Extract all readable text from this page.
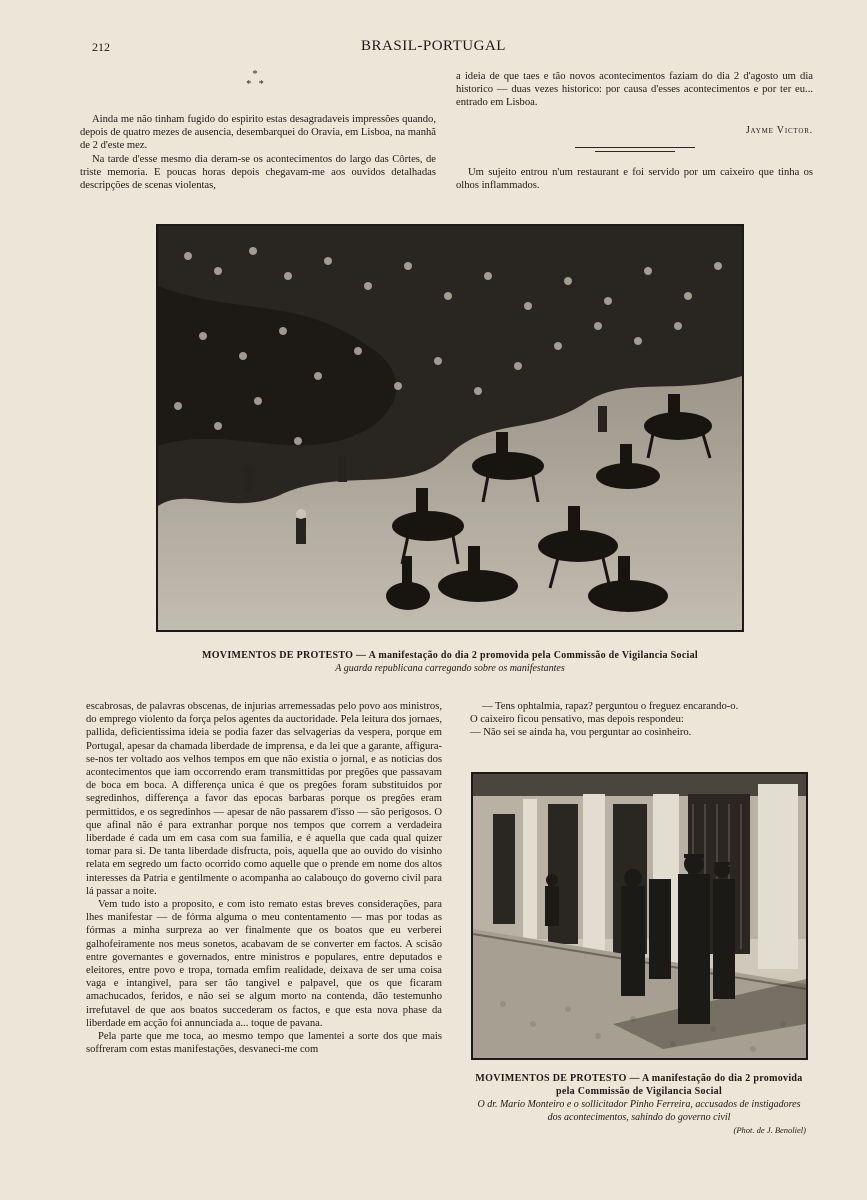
212	BRASIL-PORTUGAL
*
*   *

Ainda me não tinham fugido do espirito estas desagradaveis impressões quando, depois de quatro mezes de ausencia, desembarquei do Oravia, em Lisboa, na manhã de 2 d'este mez.

Na tarde d'esse mesmo dia deram-se os acontecimentos do largo das Côrtes, de triste memoria. E poucas horas depois chegavam-me aos ouvidos detalhadas descripções de scenas violentas,

a ideia de que taes e tão novos acontecimentos faziam do dia 2 d'agosto um dia historico — duas vezes historico: por causa d'esses acontecimentos e por ter eu... entrado em Lisboa.

Jayme Victor.

Um sujeito entrou n'um restaurant e foi servido por um caixeiro que tinha os olhos inflammados.

MOVIMENTOS DE PROTESTO — A manifestação do dia 2 promovida pela Commissão de Vigilancia Social
A guarda republicana carregando sobre os manifestantes

escabrosas, de palavras obscenas, de injurias arremessadas pelo povo aos ministros, do emprego violento da força pelos agentes da auctoridade. Pela leitura dos jornaes, pallida, deficientissima ideia se podia fazer das selvagerias da vespera, porque em Portugal, apesar da chamada liberdade de imprensa, e da lei que a garante, affigura-se-nos ter voltado aos velhos tempos em que não existia o jornal, e as noticias dos acontecimentos que iam occorrendo eram transmittidas por pregões que passavam de boca em boca. A differença unica é que os pregões foram substituidos por segredinhos, differença a favor das epocas barbaras porque os pregões eram permittidos, e os segredinhos — apesar de não passarem d'isso — são perigosos. O que afinal não é para extranhar porque nos tempos que correm a verdadeira liberdade é cada um em casa com sua familia, e é aquella que cada qual quizer tomar para si. De tanta liberdade disfructa, pois, aquella que ao ouvido do visinho relata em segredo um facto ocorrido como aquelle que o prende em nome dos altos interesses da Patria e gentilmente o acompanha ao calabouço do governo civil para lá passar a noite.

Vem tudo isto a proposito, e com isto remato estas breves considerações, para lhes manifestar — de fórma alguma o meu contentamento — mas por todas as fórmas a minha surpreza ao ver finalmente que os boatos que eu verberei galhofeiramente nos meus sonetos, acabavam de se converter em factos. A scisão entre governantes e governados, entre ministros e populares, entre deputados e eleitores, entre povo e tropa, tornada emfim realidade, deixava de ser uma coisa vaga e intangivel, para ser tão tangivel e palpavel, que os que ficaram amachucados, feridos, e não sei se algum morto na contenda, dão testemunho irrefutavel de que aos boatos succederam os factos, e que esta nova phase da liberdade em acção foi annunciada a... toque de pavana.

Pela parte que me toca, ao mesmo tempo que lamentei a sorte dos que mais soffreram com estas manifestações, desvaneci-me com

— Tens ophtalmia, rapaz? perguntou o freguez encarando-o.

O caixeiro ficou pensativo, mas depois respondeu:

— Não sei se ainda ha, vou perguntar ao cosinheiro.

MOVIMENTOS DE PROTESTO — A manifestação do dia 2 promovida pela Commissão de Vigilancia Social
O dr. Mario Monteiro e o sollicitador Pinho Ferreira, accusados de instigadores dos acontecimentos, sahindo do governo civil
(Phot. de J. Benoliel)
